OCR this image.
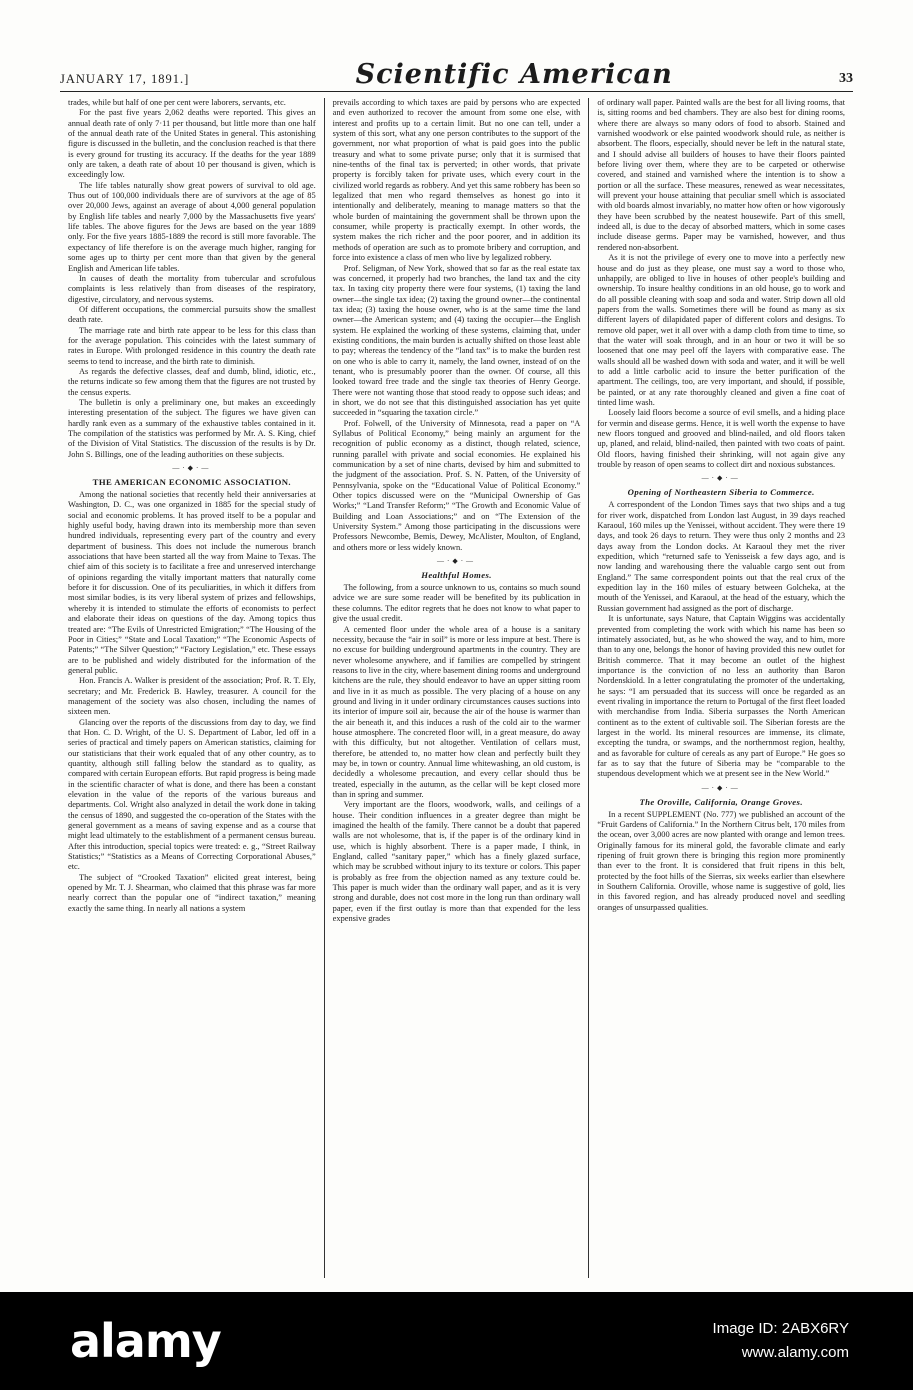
JANUARY 17, 1891.]	Scientific American	33

trades, while but half of one per cent were laborers, servants, etc.

For the past five years 2,062 deaths were reported. This gives an annual death rate of only 7·11 per thousand, but little more than one half of the annual death rate of the United States in general. This astonishing figure is discussed in the bulletin, and the conclusion reached is that there is every ground for trusting its accuracy. If the deaths for the year 1889 only are taken, a death rate of about 10 per thousand is given, which is exceedingly low.

The life tables naturally show great powers of survival to old age. Thus out of 100,000 individuals there are of survivors at the age of 85 over 20,000 Jews, against an average of about 4,000 general population by English life tables and nearly 7,000 by the Massachusetts five years' life tables. The above figures for the Jews are based on the year 1889 only. For the five years 1885-1889 the record is still more favorable. The expectancy of life therefore is on the average much higher, ranging for some ages up to thirty per cent more than that given by the general English and American life tables.

In causes of death the mortality from tubercular and scrofulous complaints is less relatively than from diseases of the respiratory, digestive, circulatory, and nervous systems.

Of different occupations, the commercial pursuits show the smallest death rate.

The marriage rate and birth rate appear to be less for this class than for the average population. This coincides with the latest summary of rates in Europe. With prolonged residence in this country the death rate seems to tend to increase, and the birth rate to diminish.

As regards the defective classes, deaf and dumb, blind, idiotic, etc., the returns indicate so few among them that the figures are not trusted by the census experts.

The bulletin is only a preliminary one, but makes an exceedingly interesting presentation of the subject. The figures we have given can hardly rank even as a summary of the exhaustive tables contained in it. The compilation of the statistics was performed by Mr. A. S. King, chief of the Division of Vital Statistics. The discussion of the results is by Dr. John S. Billings, one of the leading authorities on these subjects.

—·◆·—
THE AMERICAN ECONOMIC ASSOCIATION.

Among the national societies that recently held their anniversaries at Washington, D. C., was one organized in 1885 for the special study of social and economic problems. It has proved itself to be a popular and highly useful body, having drawn into its membership more than seven hundred individuals, representing every part of the country and every department of business. This does not include the numerous branch associations that have been started all the way from Maine to Texas. The chief aim of this society is to facilitate a free and unreserved interchange of opinions regarding the vitally important matters that naturally come before it for discussion. One of its peculiarities, in which it differs from most similar bodies, is its very liberal system of prizes and fellowships, whereby it is intended to stimulate the efforts of economists to perfect and elaborate their ideas on questions of the day. Among topics thus treated are: “The Evils of Unrestricted Emigration;” “The Housing of the Poor in Cities;” “State and Local Taxation;” “The Economic Aspects of Patents;” “The Silver Question;” “Factory Legislation,” etc. These essays are to be published and widely distributed for the information of the general public.

Hon. Francis A. Walker is president of the association; Prof. R. T. Ely, secretary; and Mr. Frederick B. Hawley, treasurer. A council for the management of the society was also chosen, including the names of sixteen men.

Glancing over the reports of the discussions from day to day, we find that Hon. C. D. Wright, of the U. S. Department of Labor, led off in a series of practical and timely papers on American statistics, claiming for our statisticians that their work equaled that of any other country, as to quantity, although still falling below the standard as to quality, as compared with certain European efforts. But rapid progress is being made in the scientific character of what is done, and there has been a constant elevation in the value of the reports of the various bureaus and departments. Col. Wright also analyzed in detail the work done in taking the census of 1890, and suggested the co-operation of the States with the general government as a means of saving expense and as a course that might lead ultimately to the establishment of a permanent census bureau. After this introduction, special topics were treated: e. g., “Street Railway Statistics;” “Statistics as a Means of Correcting Corporational Abuses,” etc.

The subject of “Crooked Taxation” elicited great interest, being opened by Mr. T. J. Shearman, who claimed that this phrase was far more nearly correct than the popular one of “indirect taxation,” meaning exactly the same thing. In nearly all nations a system

prevails according to which taxes are paid by persons who are expected and even authorized to recover the amount from some one else, with interest and profits up to a certain limit. But no one can tell, under a system of this sort, what any one person contributes to the support of the government, nor what proportion of what is paid goes into the public treasury and what to some private purse; only that it is surmised that nine-tenths of the final tax is perverted; in other words, that private property is forcibly taken for private uses, which every court in the civilized world regards as robbery. And yet this same robbery has been so legalized that men who regard themselves as honest go into it intentionally and deliberately, meaning to manage matters so that the whole burden of maintaining the government shall be thrown upon the consumer, while property is practically exempt. In other words, the system makes the rich richer and the poor poorer, and in addition its methods of operation are such as to promote bribery and corruption, and force into existence a class of men who live by legalized robbery.

Prof. Seligman, of New York, showed that so far as the real estate tax was concerned, it properly had two branches, the land tax and the city tax. In taxing city property there were four systems, (1) taxing the land owner—the single tax idea; (2) taxing the ground owner—the continental tax idea; (3) taxing the house owner, who is at the same time the land owner—the American system; and (4) taxing the occupier—the English system. He explained the working of these systems, claiming that, under existing conditions, the main burden is actually shifted on those least able to pay; whereas the tendency of the “land tax” is to make the burden rest on one who is able to carry it, namely, the land owner, instead of on the tenant, who is presumably poorer than the owner. Of course, all this looked toward free trade and the single tax theories of Henry George. There were not wanting those that stood ready to oppose such ideas; and in short, we do not see that this distinguished association has yet quite succeeded in “squaring the taxation circle.”

Prof. Folwell, of the University of Minnesota, read a paper on “A Syllabus of Political Economy,” being mainly an argument for the recognition of public economy as a distinct, though related, science, running parallel with private and social economies. He explained his communication by a set of nine charts, devised by him and submitted to the judgment of the association. Prof. S. N. Patten, of the University of Pennsylvania, spoke on the “Educational Value of Political Economy.” Other topics discussed were on the “Municipal Ownership of Gas Works;” “Land Transfer Reform;” “The Growth and Economic Value of Building and Loan Associations;” and on “The Extension of the University System.” Among those participating in the discussions were Professors Newcombe, Bemis, Dewey, McAlister, Moulton, of England, and others more or less widely known.

—·◆·—
Healthful Homes.

The following, from a source unknown to us, contains so much sound advice we are sure some reader will be benefited by its publication in these columns. The editor regrets that he does not know to what paper to give the usual credit.

A cemented floor under the whole area of a house is a sanitary necessity, because the “air in soil” is more or less impure at best. There is no excuse for building underground apartments in the country. They are never wholesome anywhere, and if families are compelled by stringent reasons to live in the city, where basement dining rooms and underground kitchens are the rule, they should endeavor to have an upper sitting room and live in it as much as possible. The very placing of a house on any ground and living in it under ordinary circumstances causes suctions into its interior of impure soil air, because the air of the house is warmer than the air beneath it, and this induces a rush of the cold air to the warmer house atmosphere. The concreted floor will, in a great measure, do away with this difficulty, but not altogether. Ventilation of cellars must, therefore, be attended to, no matter how clean and perfectly built they may be, in town or country. Annual lime whitewashing, an old custom, is decidedly a wholesome precaution, and every cellar should thus be treated, especially in the autumn, as the cellar will be kept closed more than in spring and summer.

Very important are the floors, woodwork, walls, and ceilings of a house. Their condition influences in a greater degree than might be imagined the health of the family. There cannot be a doubt that papered walls are not wholesome, that is, if the paper is of the ordinary kind in use, which is highly absorbent. There is a paper made, I think, in England, called “sanitary paper,” which has a finely glazed surface, which may be scrubbed without injury to its texture or colors. This paper is probably as free from the objection named as any texture could be. This paper is much wider than the ordinary wall paper, and as it is very strong and durable, does not cost more in the long run than ordinary wall paper, even if the first outlay is more than that expended for the less expensive grades

of ordinary wall paper. Painted walls are the best for all living rooms, that is, sitting rooms and bed chambers. They are also best for dining rooms, where there are always so many odors of food to absorb. Stained and varnished woodwork or else painted woodwork should rule, as neither is absorbent. The floors, especially, should never be left in the natural state, and I should advise all builders of houses to have their floors painted before living over them, where they are to be carpeted or otherwise covered, and stained and varnished where the intention is to show a portion or all the surface. These measures, renewed as wear necessitates, will prevent your house attaining that peculiar smell which is associated with old boards almost invariably, no matter how often or how vigorously they have been scrubbed by the neatest housewife. Part of this smell, indeed all, is due to the decay of absorbed matters, which in some cases include disease germs. Paper may be varnished, however, and thus rendered non-absorbent.

As it is not the privilege of every one to move into a perfectly new house and do just as they please, one must say a word to those who, unhappily, are obliged to live in houses of other people's building and ownership. To insure healthy conditions in an old house, go to work and do all possible cleaning with soap and soda and water. Strip down all old papers from the walls. Sometimes there will be found as many as six different layers of dilapidated paper of different colors and designs. To remove old paper, wet it all over with a damp cloth from time to time, so that the water will soak through, and in an hour or two it will be so loosened that one may peel off the layers with comparative ease. The walls should all be washed down with soda and water, and it will be well to add a little carbolic acid to insure the better purification of the apartment. The ceilings, too, are very important, and should, if possible, be painted, or at any rate thoroughly cleaned and given a fine coat of tinted lime wash.

Loosely laid floors become a source of evil smells, and a hiding place for vermin and disease germs. Hence, it is well worth the expense to have new floors tongued and grooved and blind-nailed, and old floors taken up, planed, and relaid, blind-nailed, then painted with two coats of paint. Old floors, having finished their shrinking, will not again give any trouble by reason of open seams to collect dirt and noxious substances.

—·◆·—
Opening of Northeastern Siberia to Commerce.

A correspondent of the London Times says that two ships and a tug for river work, dispatched from London last August, in 39 days reached Karaoul, 160 miles up the Yenissei, without accident. They were there 19 days, and took 26 days to return. They were thus only 2 months and 23 days away from the London docks. At Karaoul they met the river expedition, which “returned safe to Yenisseisk a few days ago, and is now landing and warehousing there the valuable cargo sent out from England.” The same correspondent points out that the real crux of the expedition lay in the 160 miles of estuary between Golcheka, at the mouth of the Yenissei, and Karaoul, at the head of the estuary, which the Russian government had assigned as the port of discharge.

It is unfortunate, says Nature, that Captain Wiggins was accidentally prevented from completing the work with which his name has been so intimately associated, but, as he who showed the way, and to him, more than to any one, belongs the honor of having provided this new outlet for British commerce. That it may become an outlet of the highest importance is the conviction of no less an authority than Baron Nordenskiold. In a letter congratulating the promoter of the undertaking, he says: “I am persuaded that its success will once be regarded as an event rivaling in importance the return to Portugal of the first fleet loaded with merchandise from India. Siberia surpasses the North American continent as to the extent of cultivable soil. The Siberian forests are the largest in the world. Its mineral resources are immense, its climate, excepting the tundra, or swamps, and the northernmost region, healthy, and as favorable for culture of cereals as any part of Europe.” He goes so far as to say that the future of Siberia may be “comparable to the stupendous development which we at present see in the New World.”

—·◆·—
The Oroville, California, Orange Groves.

In a recent SUPPLEMENT (No. 777) we published an account of the “Fruit Gardens of California.” In the Northern Citrus belt, 170 miles from the ocean, over 3,000 acres are now planted with orange and lemon trees. Originally famous for its mineral gold, the favorable climate and early ripening of fruit grown there is bringing this region more prominently than ever to the front. It is considered that fruit ripens in this belt, protected by the foot hills of the Sierras, six weeks earlier than elsewhere in Southern California. Oroville, whose name is suggestive of gold, lies in this favored region, and has already produced novel and seedling oranges of unsurpassed qualities.

alamy	Image ID: 2ABX6RY
www.alamy.com
